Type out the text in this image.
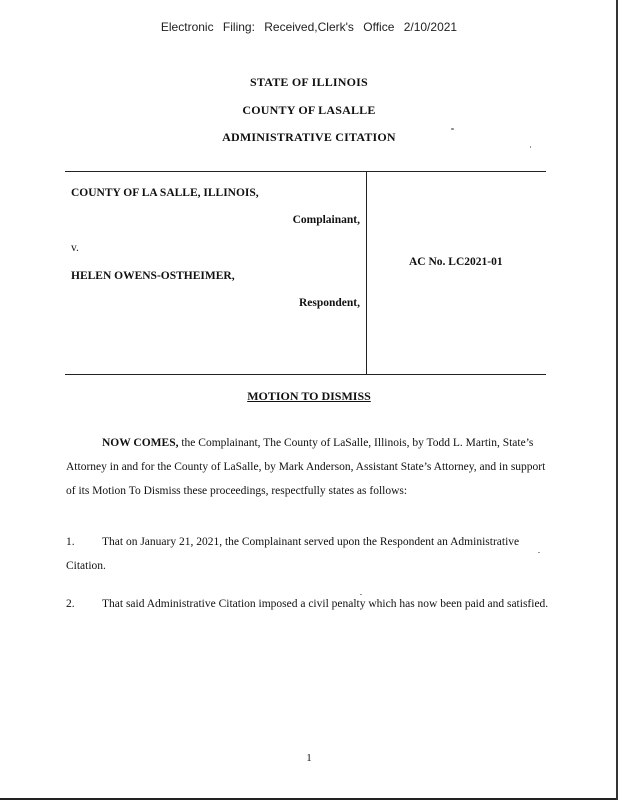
Electronic Filing: Received,Clerk's Office 2/10/2021
STATE OF ILLINOIS
COUNTY OF LASALLE
ADMINISTRATIVE CITATION
COUNTY OF LA SALLE, ILLINOIS,
Complainant,
v.
HELEN OWENS-OSTHEIMER,
Respondent,
AC No. LC2021-01
MOTION TO DISMISS
NOW COMES, the Complainant, The County of LaSalle, Illinois, by Todd L. Martin, State’s Attorney in and for the County of LaSalle, by Mark Anderson, Assistant State’s Attorney, and in support of its Motion To Dismiss these proceedings, respectfully states as follows:
1.	That on January 21, 2021, the Complainant served upon the Respondent an Administrative Citation.
2.	That said Administrative Citation imposed a civil penalty which has now been paid and satisfied.
1
